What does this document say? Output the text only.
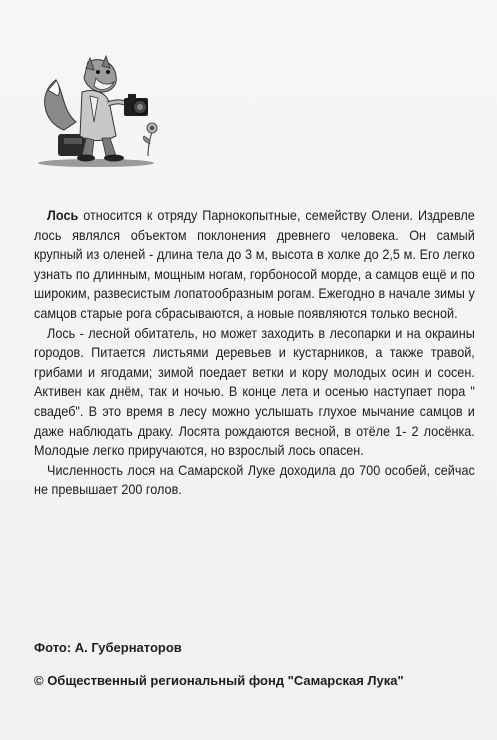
Лось относится к отряду Парнокопытные, семейству Олени. Издревле лось являлся объектом поклонения древнего человека. Он самый крупный из оленей - длина тела до 3 м, высота в холке до 2,5 м. Его легко узнать по длинным, мощным ногам, горбоносой морде, а самцов ещё и по широким, развесистым лопатообразным рогам. Ежегодно в начале зимы у самцов старые рога сбрасываются, а новые появляются только весной.

Лось - лесной обитатель, но может заходить в лесопарки и на окраины городов. Питается листьями деревьев и кустарников, а также травой, грибами и ягодами; зимой поедает ветки и кору молодых осин и сосен. Активен как днём, так и ночью. В конце лета и осенью наступает пора " свадеб". В это время в лесу можно услышать глухое мычание самцов и даже наблюдать драку. Лосята рождаются весной, в отёле 1- 2 лосёнка. Молодые легко приручаются, но взрослый лось опасен.

Численность лося на Самарской Луке доходила до 700 особей, сейчас не превышает 200 голов.

Фото: А. Губернаторов
© Общественный региональный фонд "Самарская Лука"
